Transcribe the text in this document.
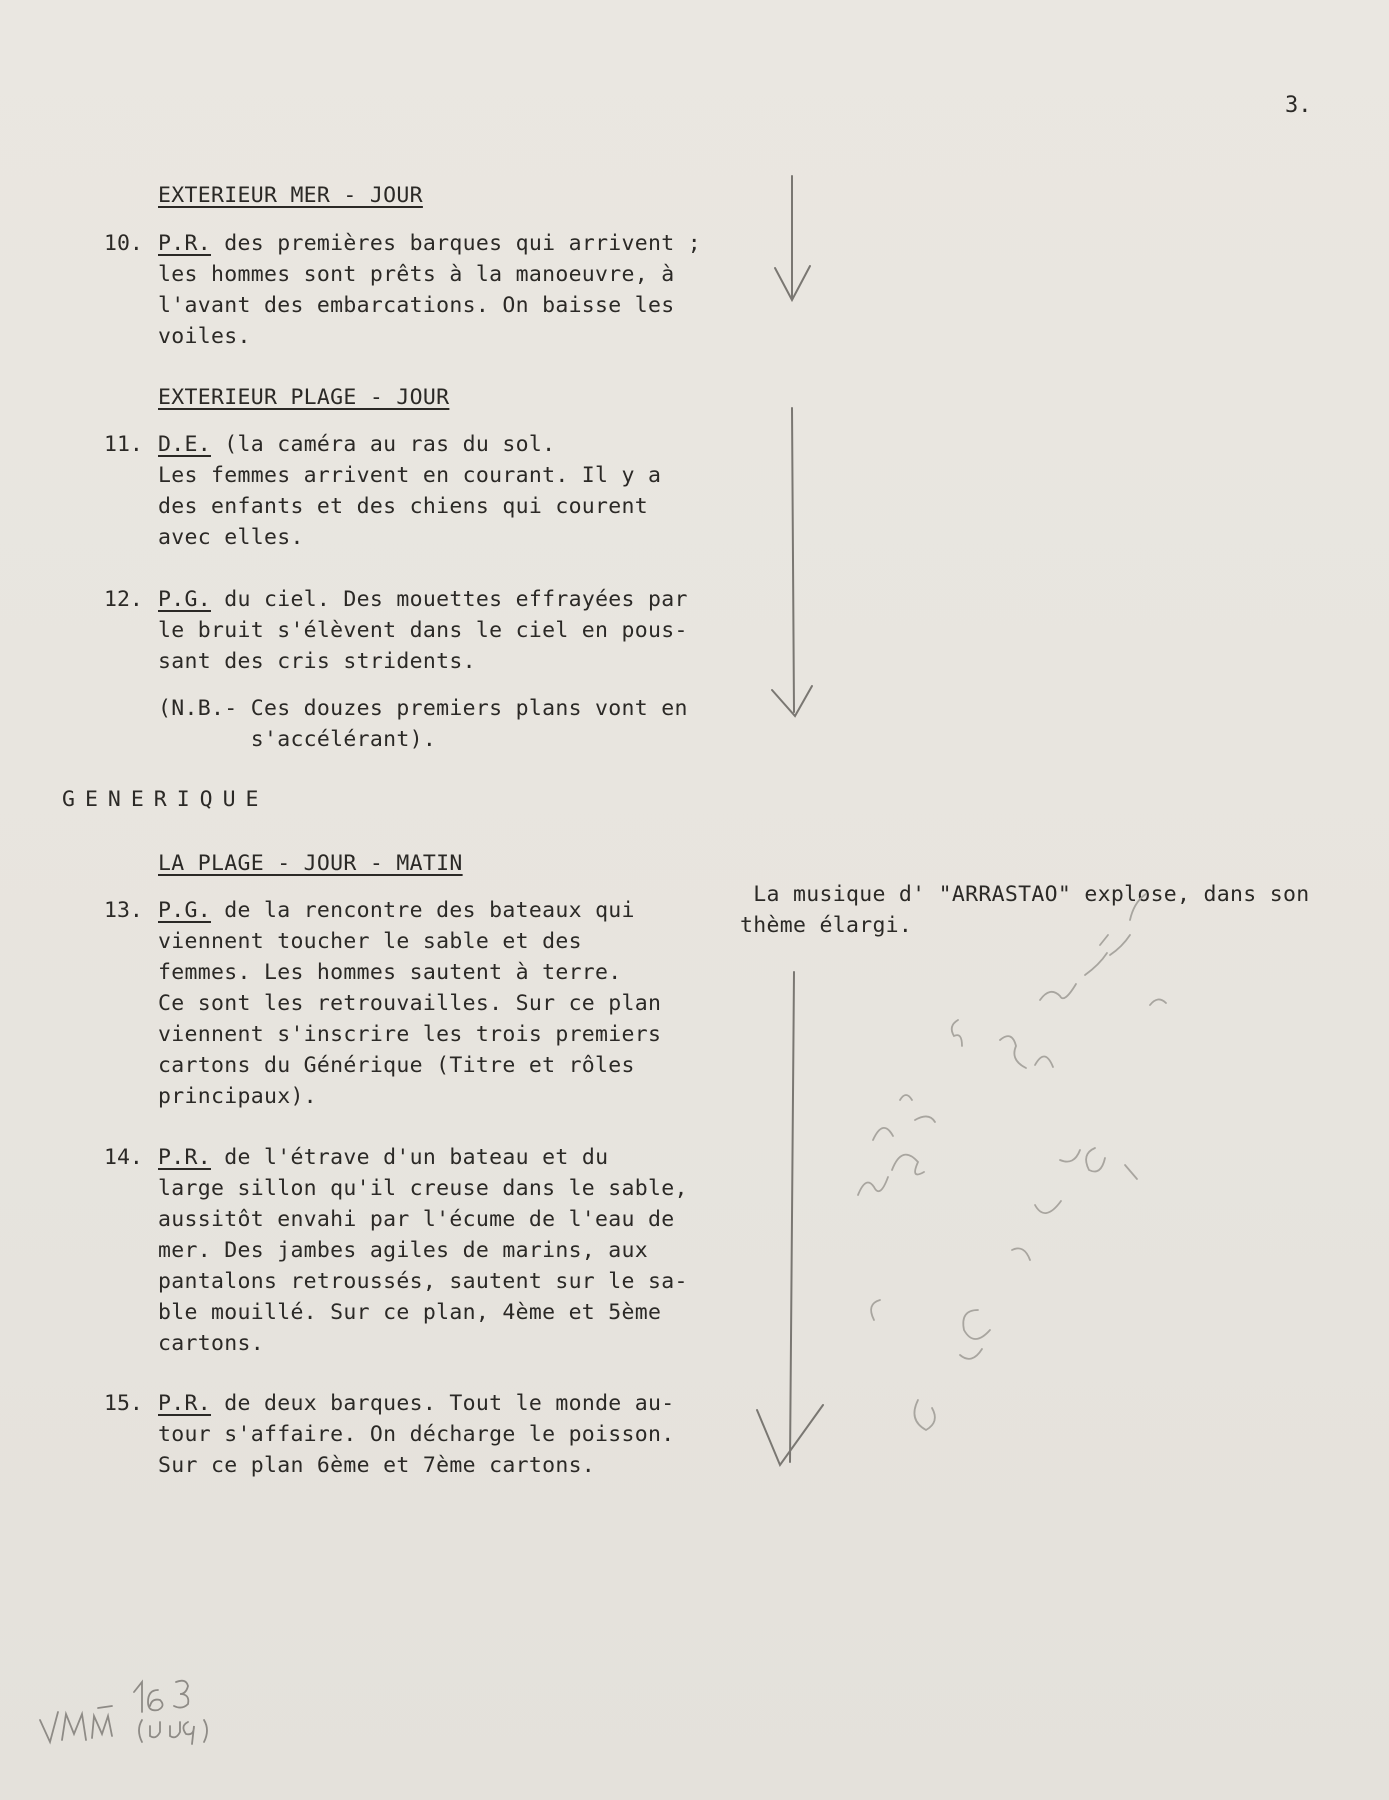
3.
EXTERIEUR MER - JOUR
10. P.R. des premières barques qui arrivent ;
les hommes sont prêts à la manoeuvre, à
l'avant des embarcations. On baisse les
voiles.
EXTERIEUR PLAGE - JOUR
11. D.E. (la caméra au ras du sol.
Les femmes arrivent en courant. Il y a
des enfants et des chiens qui courent
avec elles.
12. P.G. du ciel. Des mouettes effrayées par
le bruit s'élèvent dans le ciel en pous-
sant des cris stridents.
(N.B.- Ces douzes premiers plans vont en
s'accélérant).
GENERIQUE
LA PLAGE - JOUR - MATIN
13. P.G. de la rencontre des bateaux qui
viennent toucher le sable et des
femmes. Les hommes sautent à terre.
Ce sont les retrouvailles. Sur ce plan
viennent s'inscrire les trois premiers
cartons du Générique (Titre et rôles
principaux).
14. P.R. de l'étrave d'un bateau et du
large sillon qu'il creuse dans le sable,
aussitôt envahi par l'écume de l'eau de
mer. Des jambes agiles de marins, aux
pantalons retroussés, sautent sur le sa-
ble mouillé. Sur ce plan, 4ème et 5ème
cartons.
15. P.R. de deux barques. Tout le monde au-
tour s'affaire. On décharge le poisson.
Sur ce plan 6ème et 7ème cartons.
La musique d' "ARRASTAO" explose, dans son
thème élargi.
